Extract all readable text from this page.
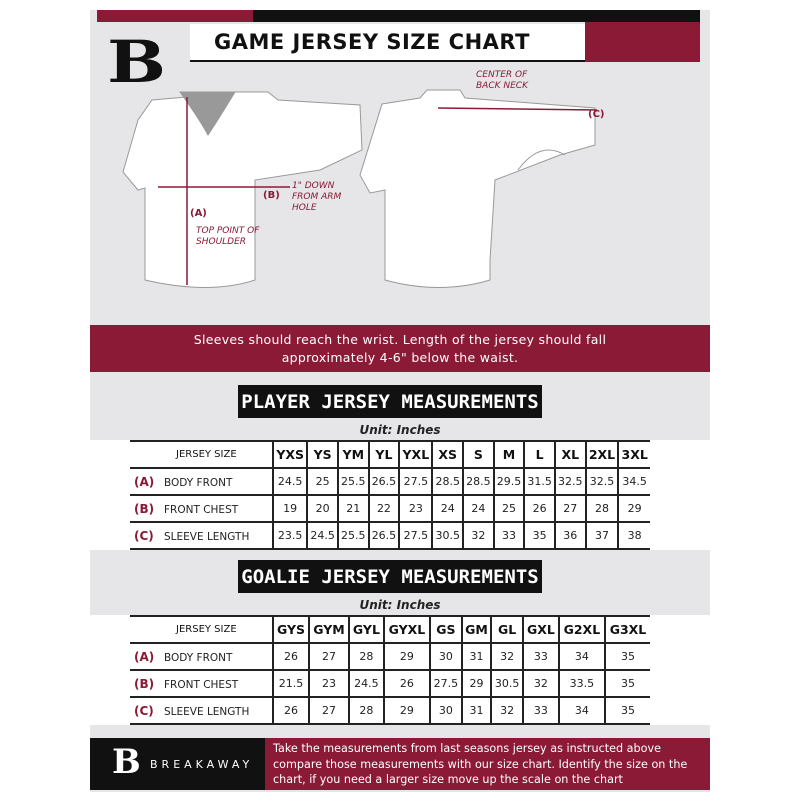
B	GAME JERSEY SIZE CHART
(A)
TOP POINT OF SHOULDER
(B)
1" DOWN FROM ARM HOLE
(C)
CENTER OF BACK NECK
Sleeves should reach the wrist. Length of the jersey should fall
approximately 4-6" below the waist.
PLAYER JERSEY MEASUREMENTS
Unit: Inches
JERSEY SIZE	YXS	YS	YM	YL	YXL	XS	S	M	L	XL	2XL	3XL
(A) BODY FRONT	24.5	25	25.5	26.5	27.5	28.5	28.5	29.5	31.5	32.5	32.5	34.5
(B) FRONT CHEST	19	20	21	22	23	24	24	25	26	27	28	29
(C) SLEEVE LENGTH	23.5	24.5	25.5	26.5	27.5	30.5	32	33	35	36	37	38
GOALIE JERSEY MEASUREMENTS
Unit: Inches
JERSEY SIZE	GYS	GYM	GYL	GYXL	GS	GM	GL	GXL	G2XL	G3XL
(A) BODY FRONT	26	27	28	29	30	31	32	33	34	35
(B) FRONT CHEST	21.5	23	24.5	26	27.5	29	30.5	32	33.5	35
(C) SLEEVE LENGTH	26	27	28	29	30	31	32	33	34	35
B BREAKAWAY
Take the measurements from last seasons jersey as instructed above compare those measurements with our size chart. Identify the size on the chart, if you need a larger size move up the scale on the chart
